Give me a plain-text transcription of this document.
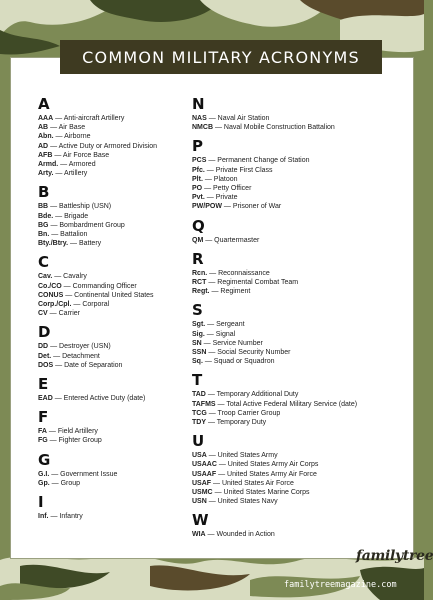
COMMON MILITARY ACRONYMS
A
AAA — Anti-aircraft Artillery
AB — Air Base
Abn. — Airborne
AD — Active Duty or Armored Division
AFB — Air Force Base
Armd. — Armored
Arty. — Artillery
B
BB — Battleship (USN)
Bde. — Brigade
BG — Bombardment Group
Bn. — Battalion
Bty./Btry. — Battery
C
Cav. — Cavalry
Co./CO — Commanding Officer
CONUS — Continental United States
Corp./Cpl. — Corporal
CV — Carrier
D
DD — Destroyer (USN)
Det. — Detachment
DOS — Date of Separation
E
EAD — Entered Active Duty (date)
F
FA — Field Artillery
FG — Fighter Group
G
G.I. — Government Issue
Gp. — Group
I
Inf. — Infantry
N
NAS — Naval Air Station
NMCB — Naval Mobile Construction Battalion
P
PCS — Permanent Change of Station
Pfc. — Private First Class
Plt. — Platoon
PO — Petty Officer
Pvt. — Private
PW/POW — Prisoner of War
Q
QM — Quartermaster
R
Rcn. — Reconnaissance
RCT — Regimental Combat Team
Regt. — Regiment
S
Sgt. — Sergeant
Sig. — Signal
SN — Service Number
SSN — Social Security Number
Sq. — Squad or Squadron
T
TAD — Temporary Additional Duty
TAFMS — Total Active Federal Military Service (date)
TCG — Troop Carrier Group
TDY — Temporary Duty
U
USA — United States Army
USAAC — United States Army Air Corps
USAAF — United States Army Air Force
USAF — United States Air Force
USMC — United States Marine Corps
USN — United States Navy
W
WIA — Wounded in Action
familytree
familytreemagazine.com
